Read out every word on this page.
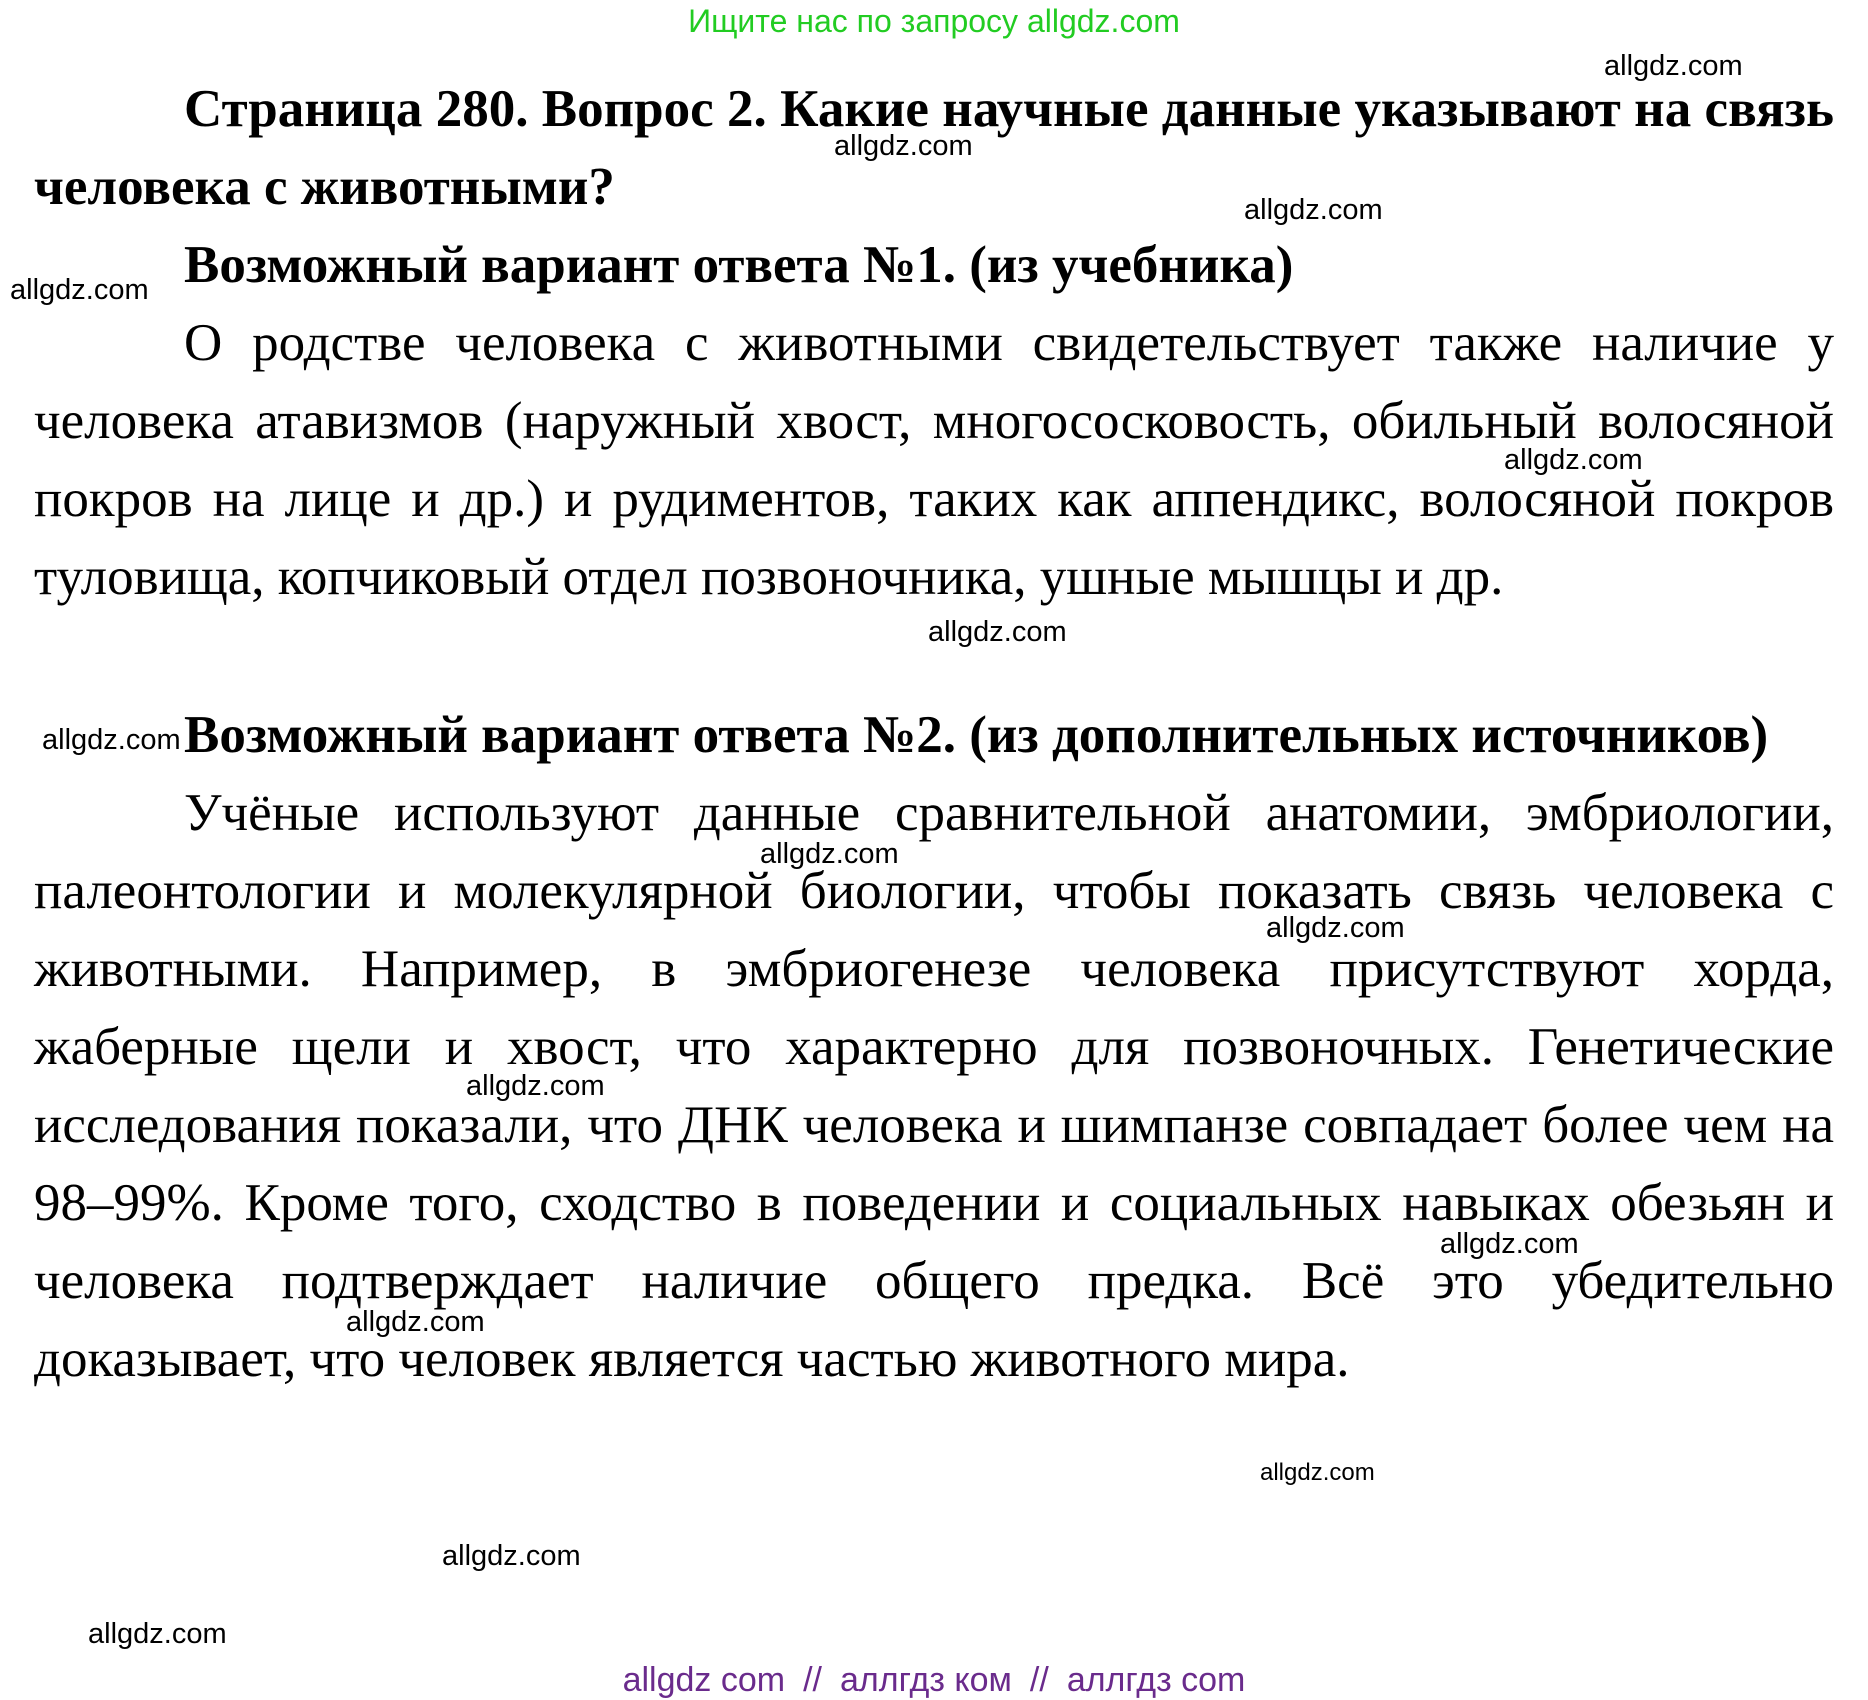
Ищите нас по запросу allgdz.com

Страница 280. Вопрос 2. Какие научные данные указывают на связь человека с животными?

Возможный вариант ответа №1. (из учебника)

О родстве человека с животными свидетельствует также наличие у человека атавизмов (наружный хвост, многососковость, обильный волосяной покров на лице и др.) и рудиментов, таких как аппендикс, волосяной покров туловища, копчиковый отдел позвоночника, ушные мышцы и др.

Возможный вариант ответа №2. (из дополнительных источников)

Учёные используют данные сравнительной анатомии, эмбриологии, палеонтологии и молекулярной биологии, чтобы показать связь человека с животными. Например, в эмбриогенезе человека присутствуют хорда, жаберные щели и хвост, что характерно для позвоночных. Генетические исследования показали, что ДНК человека и шимпанзе совпадает более чем на 98–99%. Кроме того, сходство в поведении и социальных навыках обезьян и человека подтверждает наличие общего предка. Всё это убедительно доказывает, что человек является частью животного мира.

allgdz.com
allgdz.com
allgdz.com
allgdz.com
allgdz.com
allgdz.com
allgdz.com
allgdz.com
allgdz.com
allgdz.com
allgdz.com
allgdz.com
allgdz.com
allgdz.com
allgdz.com
allgdz com // аллгдз ком // аллгдз com
